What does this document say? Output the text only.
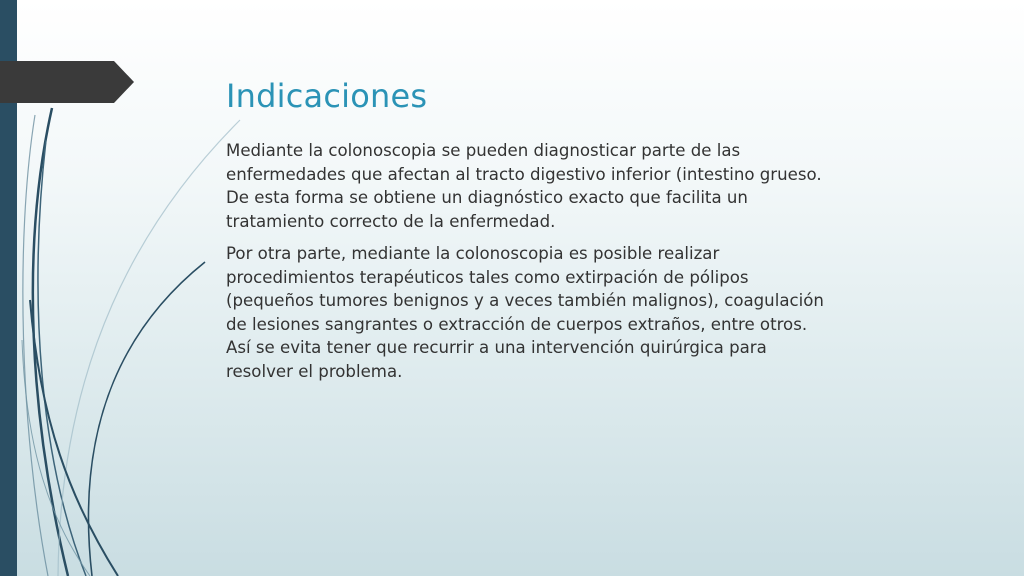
Indicaciones

Mediante la colonoscopia se pueden diagnosticar parte de las enfermedades que afectan al tracto digestivo inferior (intestino grueso. De esta forma se obtiene un diagnóstico exacto que facilita un tratamiento correcto de la enfermedad.

Por otra parte, mediante la colonoscopia es posible realizar procedimientos terapéuticos tales como extirpación de pólipos (pequeños tumores benignos y a veces también malignos), coagulación de lesiones sangrantes o extracción de cuerpos extraños, entre otros. Así se evita tener que recurrir a una intervención quirúrgica para resolver el problema.
